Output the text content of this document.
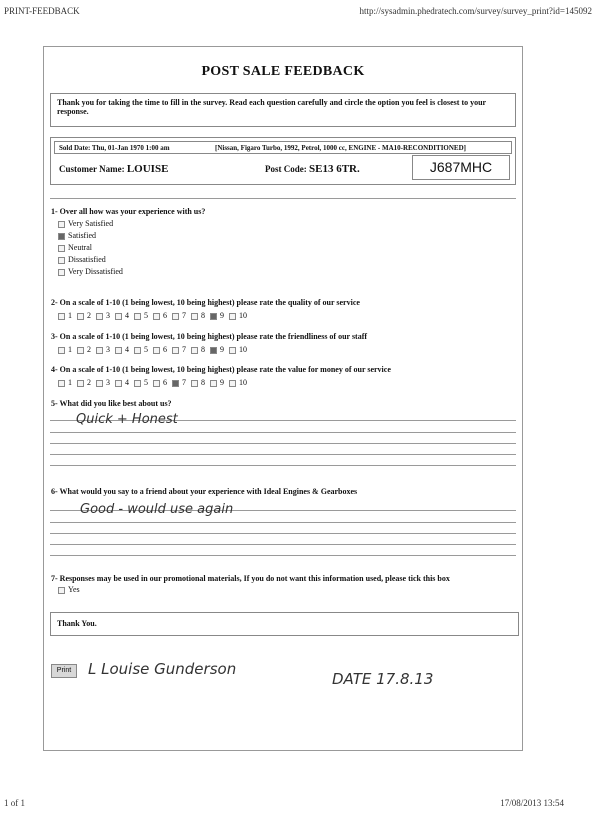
PRINT-FEEDBACK	http://sysadmin.phedratech.com/survey/survey_print?id=145092
POST SALE FEEDBACK
Thank you for taking the time to fill in the survey. Read each question carefully and circle the option you feel is closest to your response.
Sold Date: Thu, 01-Jan 1970 1:00 am	[Nissan, Figaro Turbo, 1992, Petrol, 1000 cc, ENGINE - MA10-RECONDITIONED]
Customer Name: LOUISE	Post Code: SE13 6TR.	J687MHC
1- Over all how was your experience with us?
Very Satisfied
Satisfied
Neutral
Dissatisfied
Very Dissatisfied
2- On a scale of 1-10 (1 being lowest, 10 being highest) please rate the quality of our service
1 2 3 4 5 6 7 8 9 10
3- On a scale of 1-10 (1 being lowest, 10 being highest) please rate the friendliness of our staff
1 2 3 4 5 6 7 8 9 10
4- On a scale of 1-10 (1 being lowest, 10 being highest) please rate the value for money of our service
1 2 3 4 5 6 7 8 9 10
5- What did you like best about us?
Quick + Honest
6- What would you say to a friend about your experience with Ideal Engines & Gearboxes
Good - would use again
7- Responses may be used in our promotional materials, If you do not want this information used, please tick this box
Yes
Thank You.
Print	L Louise Gunderson
DATE 17.8.13
1 of 1	17/08/2013 13:54
